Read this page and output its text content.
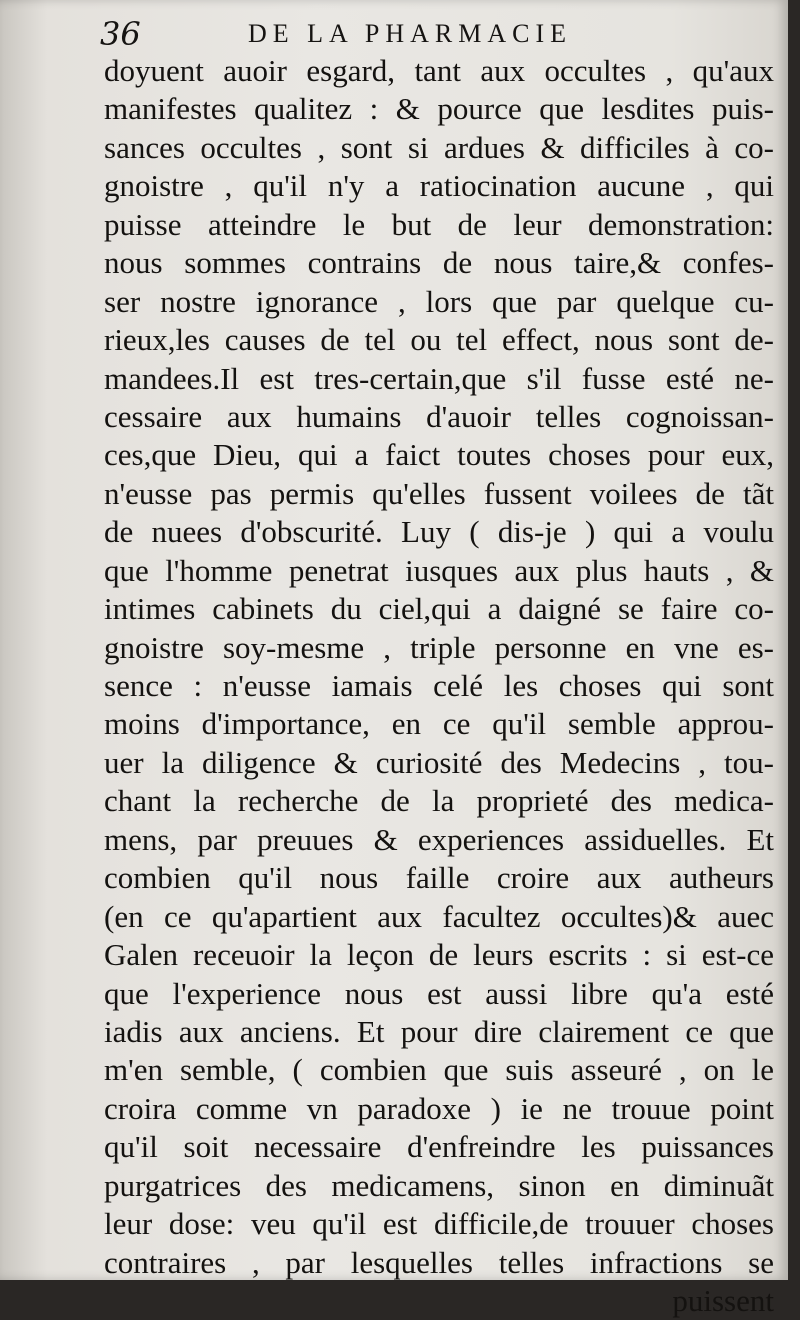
36	DE LA PHARMACIE
doyuent auoir esgard, tant aux occultes , qu'aux
manifestes qualitez : & pource que lesdites puis-
sances occultes , sont si ardues & difficiles à co-
gnoistre , qu'il n'y a ratiocination aucune , qui
puisse atteindre le but de leur demonstration:
nous sommes contrains de nous taire,& confes-
ser nostre ignorance , lors que par quelque cu-
rieux,les causes de tel ou tel effect, nous sont de-
mandees.Il est tres-certain,que s'il fusse esté ne-
cessaire aux humains d'auoir telles cognoissan-
ces,que Dieu, qui a faict toutes choses pour eux,
n'eusse pas permis qu'elles fussent voilees de tãt
de nuees d'obscurité. Luy ( dis-je ) qui a voulu
que l'homme penetrat iusques aux plus hauts , &
intimes cabinets du ciel,qui a daigné se faire co-
gnoistre soy-mesme , triple personne en vne es-
sence : n'eusse iamais celé les choses qui sont
moins d'importance, en ce qu'il semble approu-
uer la diligence & curiosité des Medecins , tou-
chant la recherche de la proprieté des medica-
mens, par preuues & experiences assiduelles. Et
combien qu'il nous faille croire aux autheurs
(en ce qu'apartient aux facultez occultes)& auec
Galen receuoir la leçon de leurs escrits : si est-ce
que l'experience nous est aussi libre qu'a esté
iadis aux anciens. Et pour dire clairement ce que
m'en semble, ( combien que suis asseuré , on le
croira comme vn paradoxe ) ie ne trouue point
qu'il soit necessaire d'enfreindre les puissances
purgatrices des medicamens, sinon en diminuãt
leur dose: veu qu'il est difficile,de trouuer choses
contraires , par lesquelles telles infractions se
puissent
